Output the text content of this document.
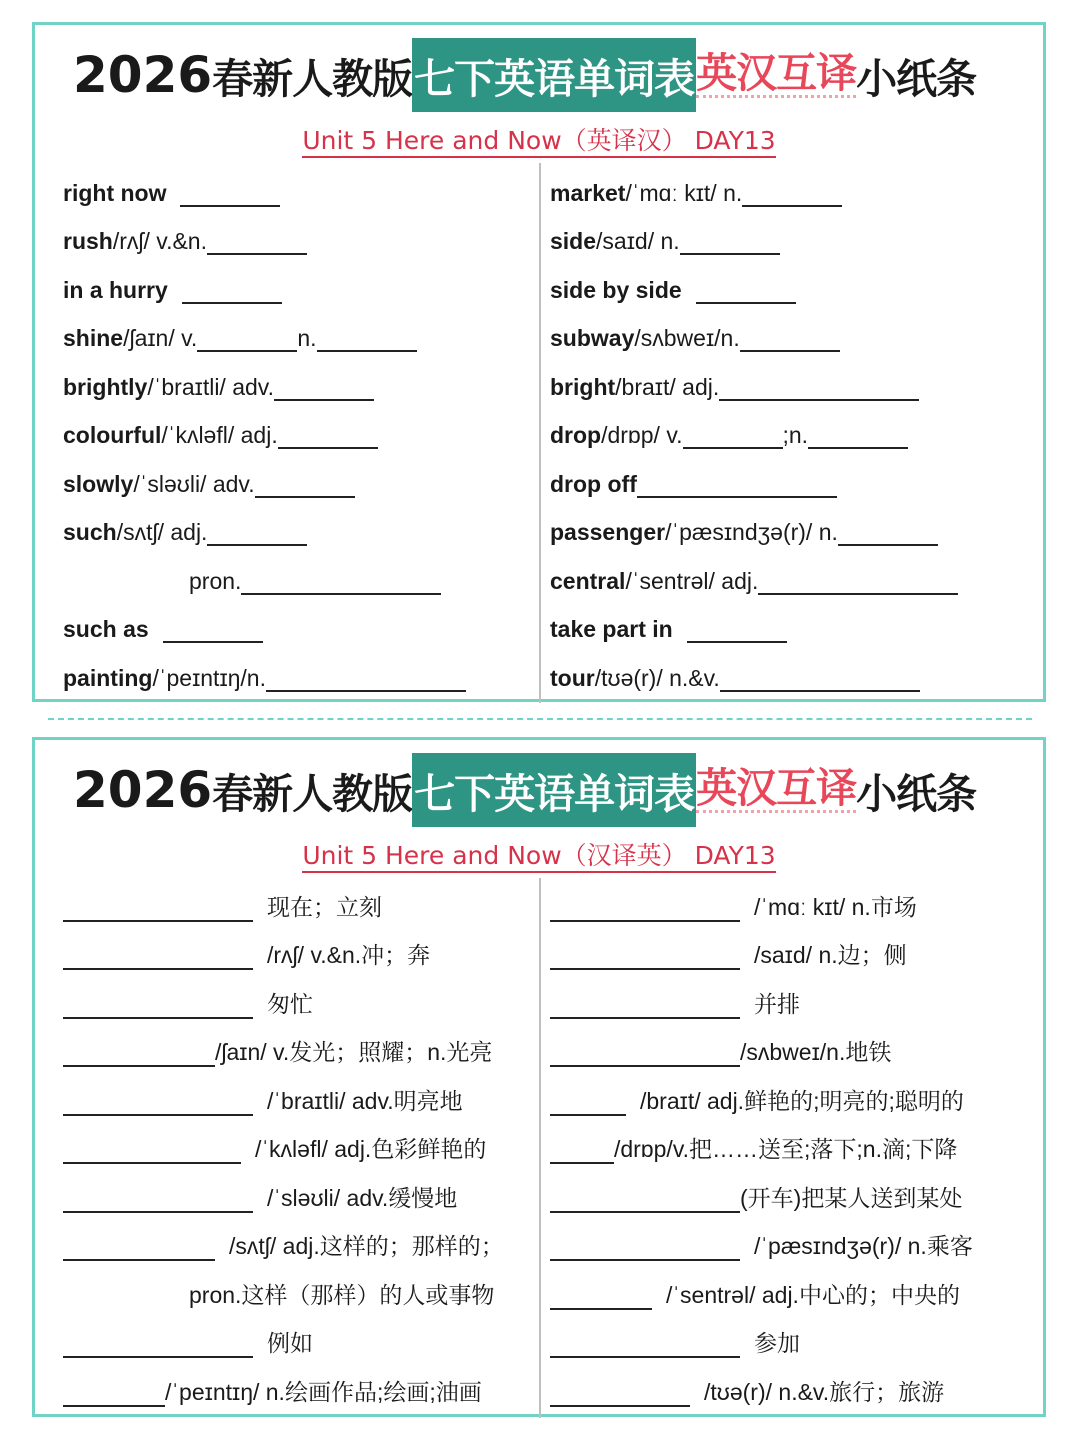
2026 春新人教版 七下英语单词表 英汉互译 小纸条
Unit 5 Here and Now（英译汉） DAY13
right now
rush /rʌʃ/ v.&n.
in a hurry
shine /ʃaɪn/ v.	n.
brightly /ˈbraɪtli/ adv.
colourful /ˈkʌləfl/ adj.
slowly /ˈsləʊli/ adv.
such /sʌtʃ/ adj.
pron.
such as
painting /ˈpeɪntɪŋ/n.
market /ˈmɑː kɪt/ n.
side /saɪd/ n.
side by side
subway /sʌbweɪ/n.
bright /braɪt/ adj.
drop /drɒp/ v.	;n.
drop off
passenger /ˈpæsɪndʒə(r)/ n.
central /ˈsentrəl/ adj.
take part in
tour /tʊə(r)/ n.&v.
2026 春新人教版 七下英语单词表 英汉互译 小纸条
Unit 5 Here and Now（汉译英） DAY13
现在；立刻
/rʌʃ/ v.&n.冲；奔
匆忙
/ʃaɪn/ v.发光；照耀；n.光亮
/ˈbraɪtli/ adv.明亮地
/ˈkʌləfl/ adj.色彩鲜艳的
/ˈsləʊli/ adv.缓慢地
/sʌtʃ/ adj.这样的；那样的；
pron.这样（那样）的人或事物
例如
/ˈpeɪntɪŋ/ n.绘画作品;绘画;油画
/ˈmɑː kɪt/ n.市场
/saɪd/ n.边；侧
并排
/sʌbweɪ/n.地铁
/braɪt/ adj.鲜艳的;明亮的;聪明的
/drɒp/v.把……送至;落下;n.滴;下降
(开车)把某人送到某处
/ˈpæsɪndʒə(r)/ n.乘客
/ˈsentrəl/ adj.中心的；中央的
参加
/tʊə(r)/ n.&v.旅行；旅游
